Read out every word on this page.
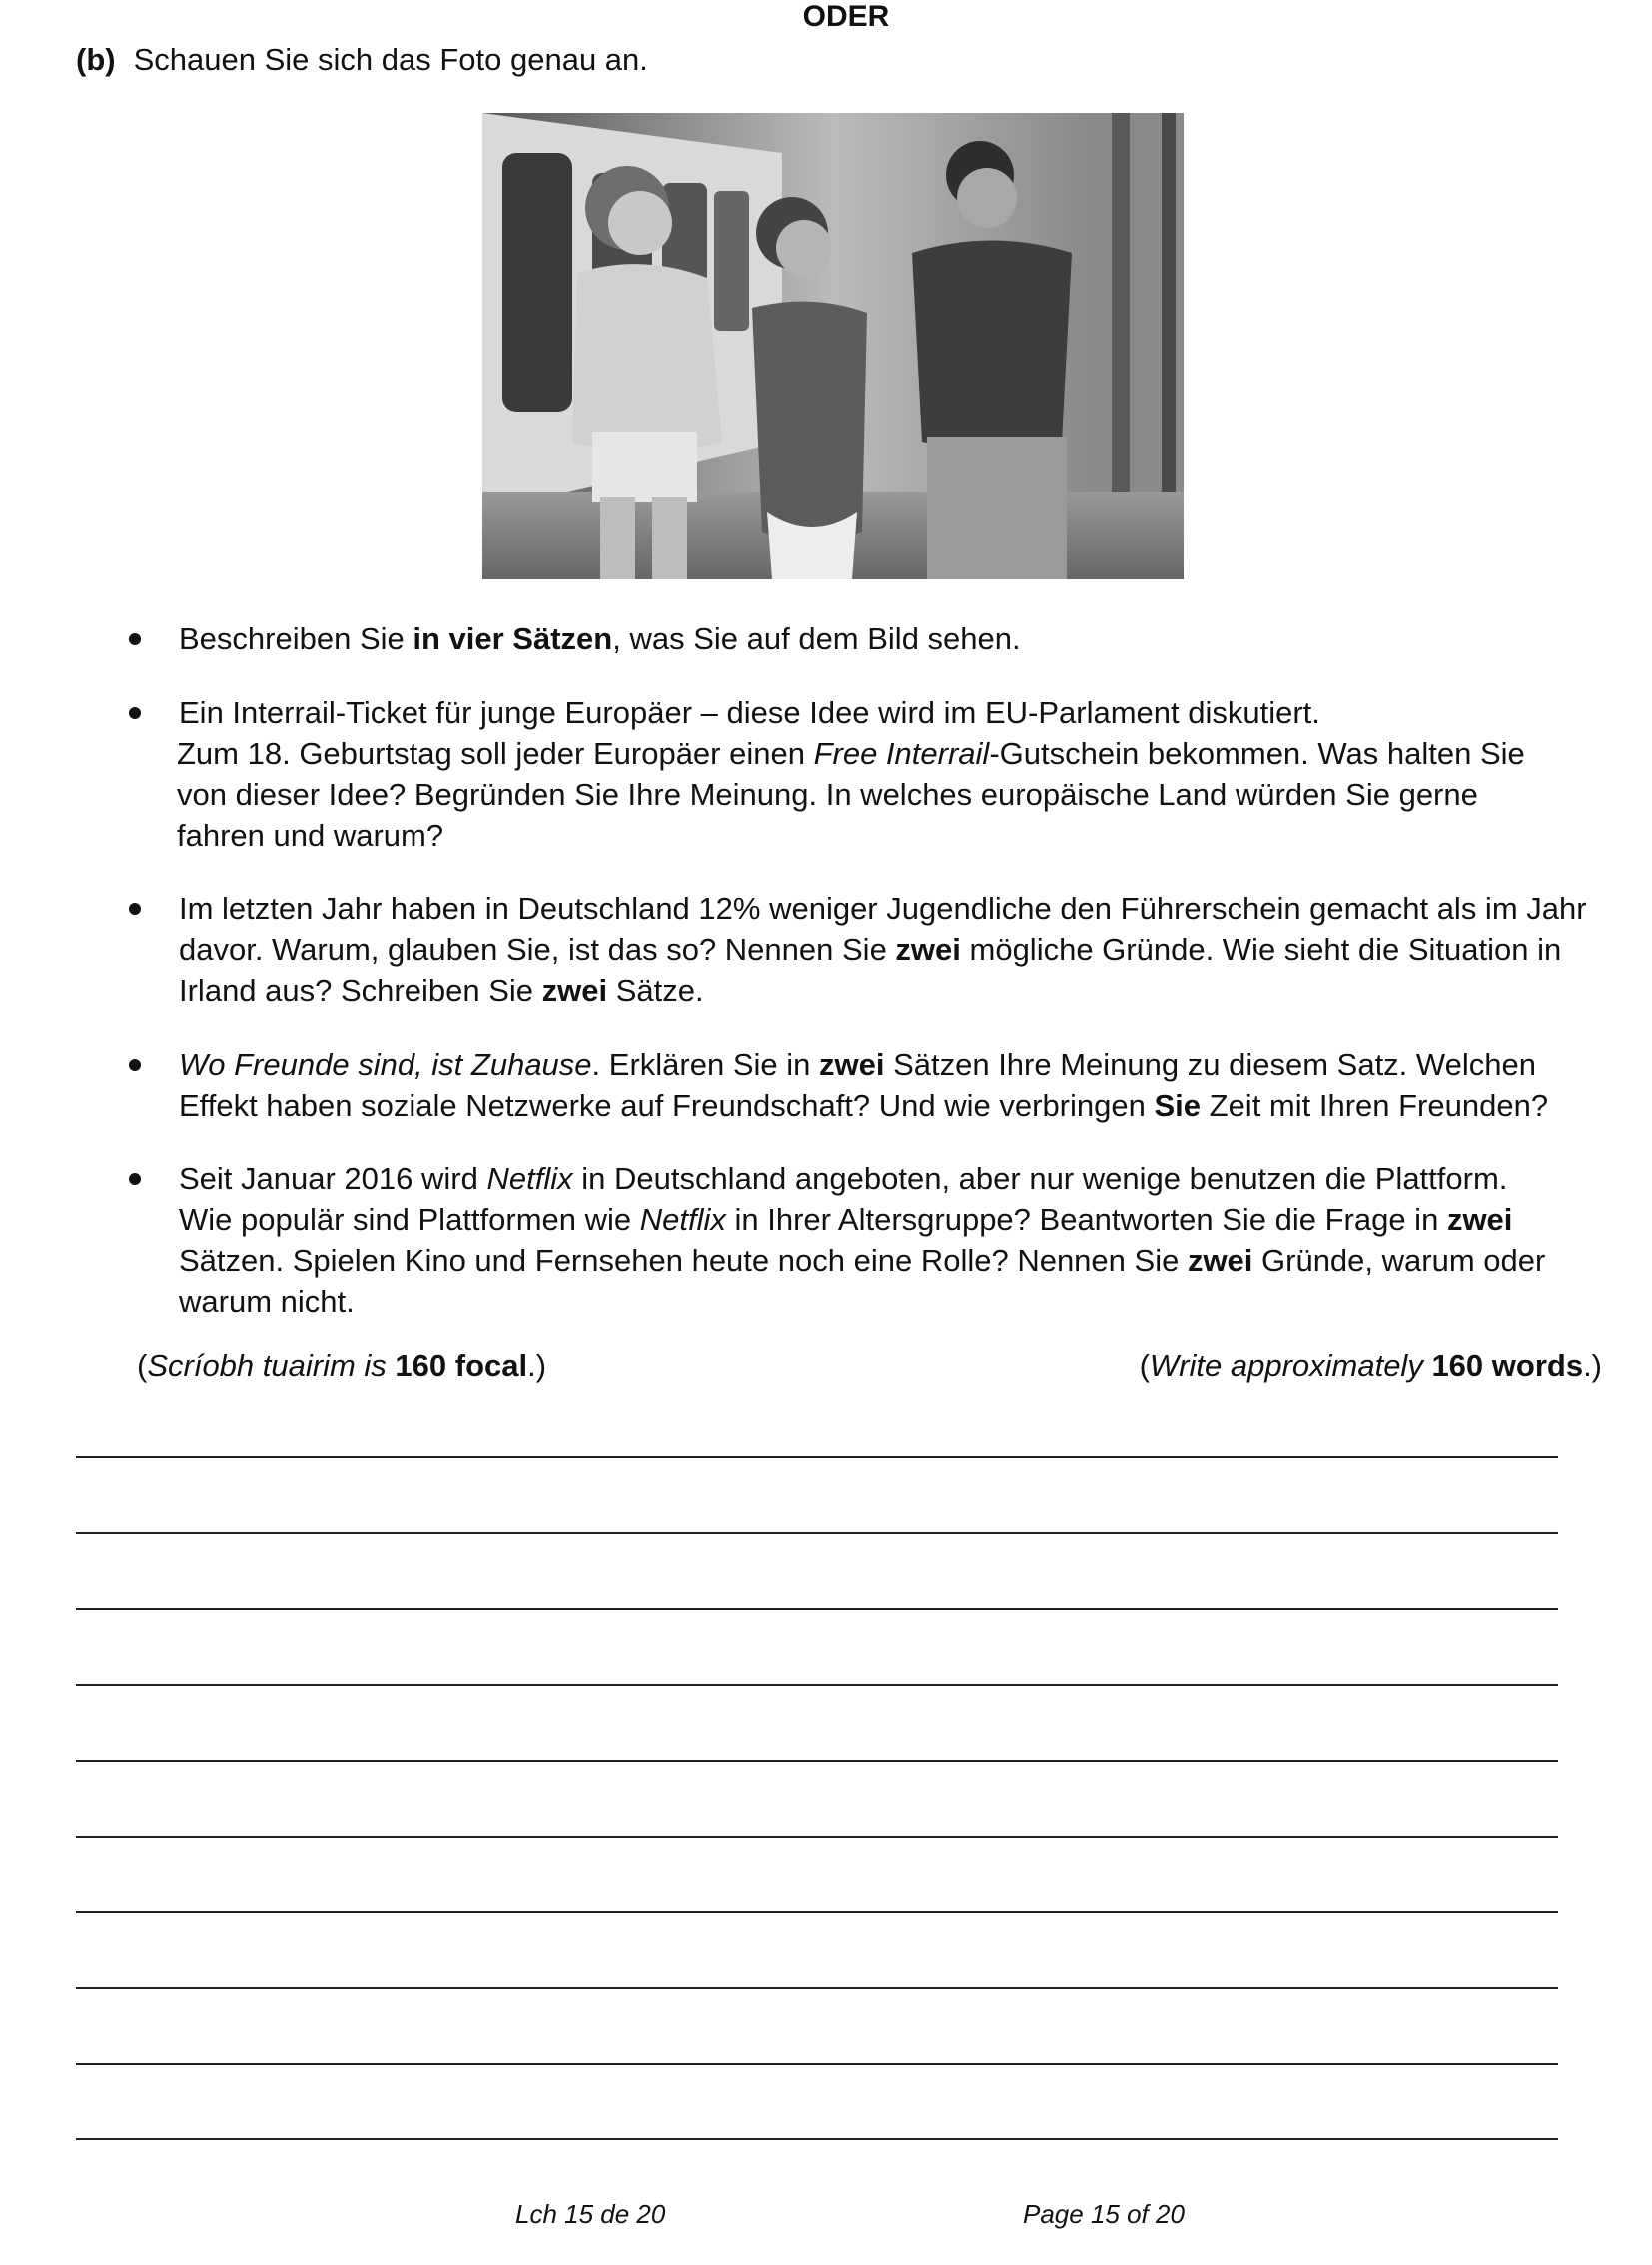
ODER
(b) Schauen Sie sich das Foto genau an.

Beschreiben Sie in vier Sätzen, was Sie auf dem Bild sehen.

Ein Interrail-Ticket für junge Europäer – diese Idee wird im EU-Parlament diskutiert.

Zum 18. Geburtstag soll jeder Europäer einen Free Interrail-Gutschein bekommen. Was halten Sie
von dieser Idee? Begründen Sie Ihre Meinung. In welches europäische Land würden Sie gerne
fahren und warum?

Im letzten Jahr haben in Deutschland 12% weniger Jugendliche den Führerschein gemacht als im Jahr
davor. Warum, glauben Sie, ist das so? Nennen Sie zwei mögliche Gründe. Wie sieht die Situation in
Irland aus? Schreiben Sie zwei Sätze.

Wo Freunde sind, ist Zuhause. Erklären Sie in zwei Sätzen Ihre Meinung zu diesem Satz. Welchen
Effekt haben soziale Netzwerke auf Freundschaft? Und wie verbringen Sie Zeit mit Ihren Freunden?

Seit Januar 2016 wird Netflix in Deutschland angeboten, aber nur wenige benutzen die Plattform.
Wie populär sind Plattformen wie Netflix in Ihrer Altersgruppe? Beantworten Sie die Frage in zwei
Sätzen. Spielen Kino und Fernsehen heute noch eine Rolle? Nennen Sie zwei Gründe, warum oder
warum nicht.

(Scríobh tuairim is 160 focal.)	(Write approximately 160 words.)
Lch 15 de 20	Page 15 of 20
